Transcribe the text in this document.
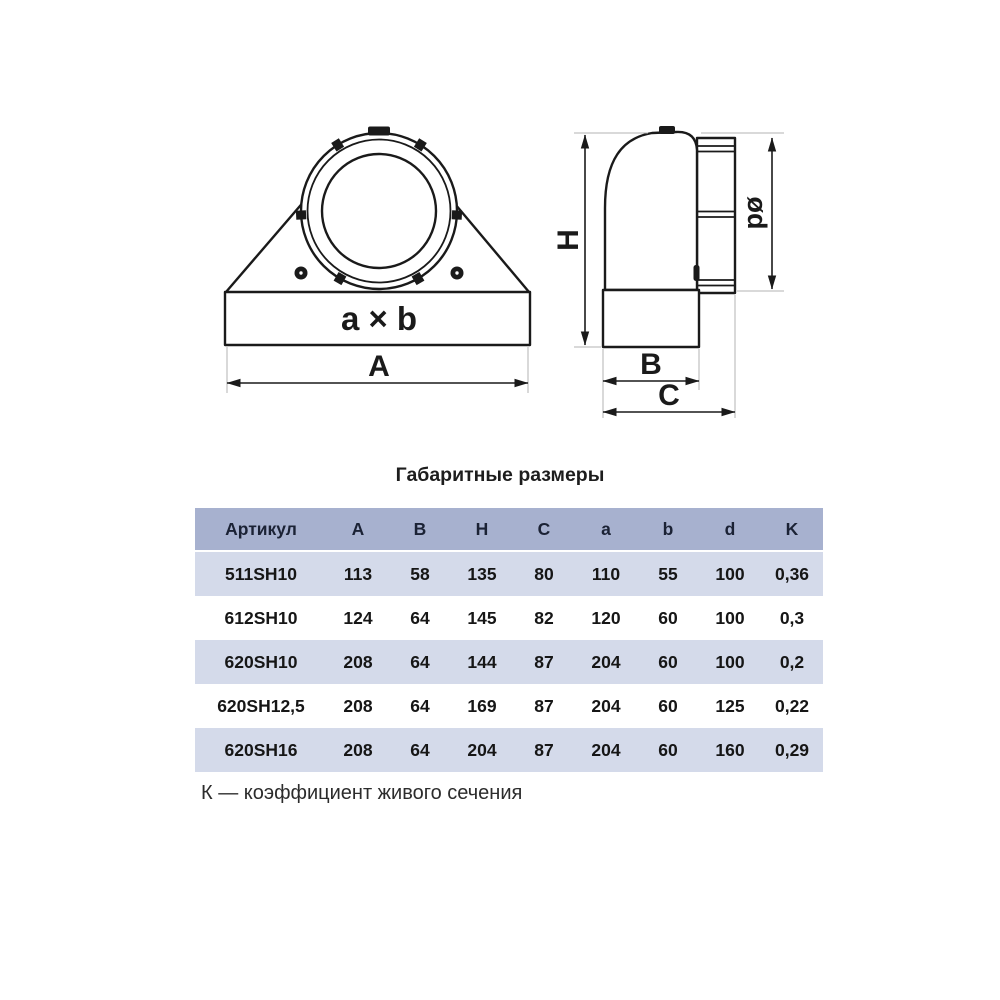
a × b
A
H
ød
B
C
Габаритные размеры
Артикул	A	B	H	C	a	b	d	K
511SH10	113	58	135	80	110	55	100	0,36
612SH10	124	64	145	82	120	60	100	0,3
620SH10	208	64	144	87	204	60	100	0,2
620SH12,5	208	64	169	87	204	60	125	0,22
620SH16	208	64	204	87	204	60	160	0,29
К — коэффициент живого сечения
